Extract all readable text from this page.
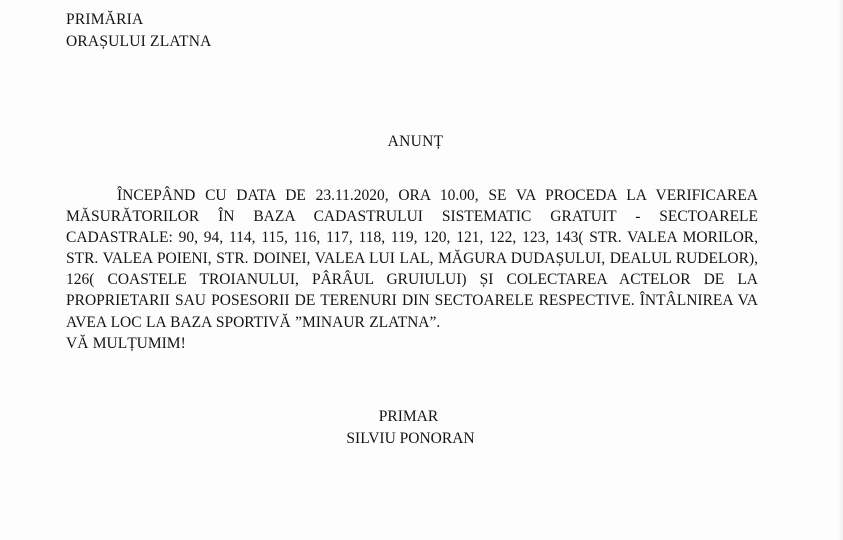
PRIMĂRIA
ORAȘULUI ZLATNA
ANUNȚ

ÎNCEPÂND CU DATA DE 23.11.2020, ORA 10.00, SE VA PROCEDA LA VERIFICAREA MĂSURĂTORILOR ÎN BAZA CADASTRULUI SISTEMATIC GRATUIT - SECTOARELE CADASTRALE: 90, 94, 114, 115, 116, 117, 118, 119, 120, 121, 122, 123, 143( STR. VALEA MORILOR, STR. VALEA POIENI, STR. DOINEI, VALEA LUI LAL, MĂGURA DUDAȘULUI, DEALUL RUDELOR), 126( COASTELE TROIANULUI, PÂRÂUL GRUIULUI) ȘI COLECTAREA ACTELOR DE LA PROPRIETARII SAU POSESORII DE TERENURI DIN SECTOARELE RESPECTIVE. ÎNTÂLNIREA VA AVEA LOC LA BAZA SPORTIVĂ ”MINAUR ZLATNA”.

VĂ MULȚUMIM!

PRIMAR
SILVIU PONORAN
